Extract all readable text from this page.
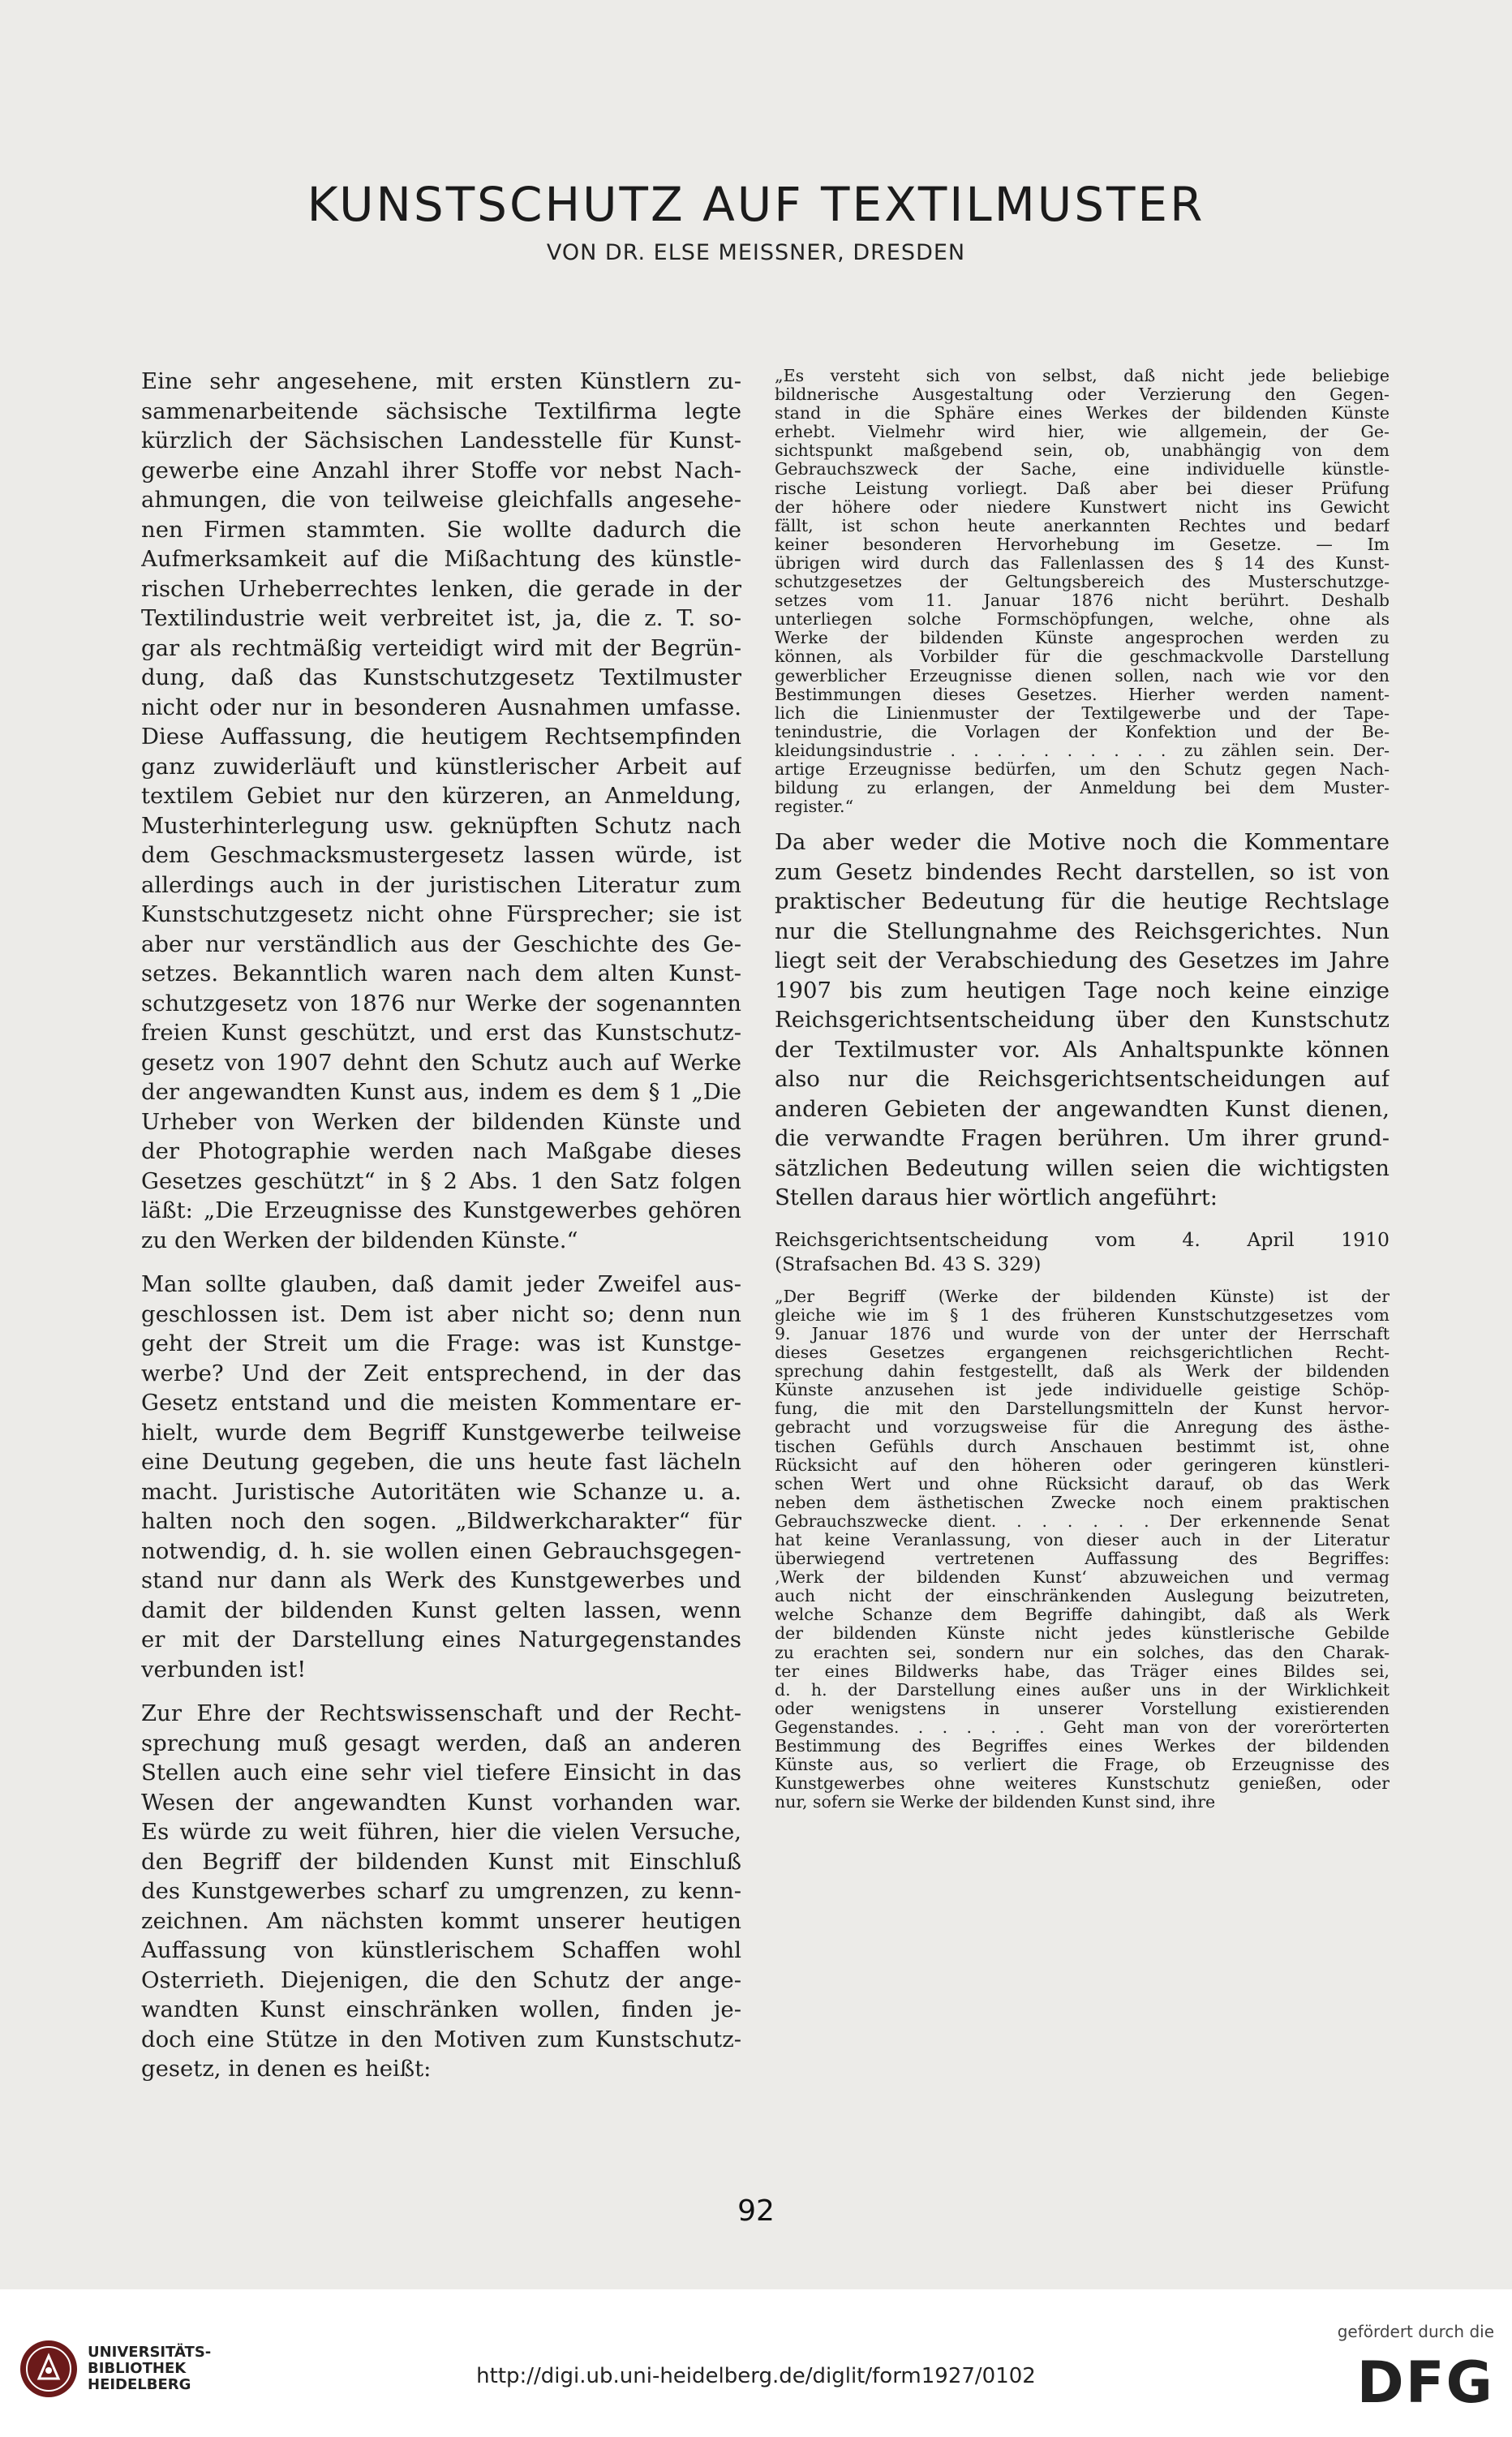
KUNSTSCHUTZ AUF TEXTILMUSTER
VON DR. ELSE MEISSNER, DRESDEN
Eine sehr angesehene, mit ersten Künstlern zu-
sammenarbeitende sächsische Textilfirma legte
kürzlich der Sächsischen Landesstelle für Kunst-
gewerbe eine Anzahl ihrer Stoffe vor nebst Nach-
ahmungen, die von teilweise gleichfalls angesehe-
nen Firmen stammten. Sie wollte dadurch die
Aufmerksamkeit auf die Mißachtung des künstle-
rischen Urheberrechtes lenken, die gerade in der
Textilindustrie weit verbreitet ist, ja, die z. T. so-
gar als rechtmäßig verteidigt wird mit der Begrün-
dung, daß das Kunstschutzgesetz Textilmuster
nicht oder nur in besonderen Ausnahmen umfasse.
Diese Auffassung, die heutigem Rechtsempfinden
ganz zuwiderläuft und künstlerischer Arbeit auf
textilem Gebiet nur den kürzeren, an Anmeldung,
Musterhinterlegung usw. geknüpften Schutz nach
dem Geschmacksmustergesetz lassen würde, ist
allerdings auch in der juristischen Literatur zum
Kunstschutzgesetz nicht ohne Fürsprecher; sie ist
aber nur verständlich aus der Geschichte des Ge-
setzes. Bekanntlich waren nach dem alten Kunst-
schutzgesetz von 1876 nur Werke der sogenannten
freien Kunst geschützt, und erst das Kunstschutz-
gesetz von 1907 dehnt den Schutz auch auf Werke
der angewandten Kunst aus, indem es dem § 1 „Die
Urheber von Werken der bildenden Künste und
der Photographie werden nach Maßgabe dieses
Gesetzes geschützt“ in § 2 Abs. 1 den Satz folgen
läßt: „Die Erzeugnisse des Kunstgewerbes gehören
zu den Werken der bildenden Künste.“
Man sollte glauben, daß damit jeder Zweifel aus-
geschlossen ist. Dem ist aber nicht so; denn nun
geht der Streit um die Frage: was ist Kunstge-
werbe? Und der Zeit entsprechend, in der das
Gesetz entstand und die meisten Kommentare er-
hielt, wurde dem Begriff Kunstgewerbe teilweise
eine Deutung gegeben, die uns heute fast lächeln
macht. Juristische Autoritäten wie Schanze u. a.
halten noch den sogen. „Bildwerkcharakter“ für
notwendig, d. h. sie wollen einen Gebrauchsgegen-
stand nur dann als Werk des Kunstgewerbes und
damit der bildenden Kunst gelten lassen, wenn
er mit der Darstellung eines Naturgegenstandes
verbunden ist!
Zur Ehre der Rechtswissenschaft und der Recht-
sprechung muß gesagt werden, daß an anderen
Stellen auch eine sehr viel tiefere Einsicht in das
Wesen der angewandten Kunst vorhanden war.
Es würde zu weit führen, hier die vielen Versuche,
den Begriff der bildenden Kunst mit Einschluß
des Kunstgewerbes scharf zu umgrenzen, zu kenn-
zeichnen. Am nächsten kommt unserer heutigen
Auffassung von künstlerischem Schaffen wohl
Osterrieth. Diejenigen, die den Schutz der ange-
wandten Kunst einschränken wollen, finden je-
doch eine Stütze in den Motiven zum Kunstschutz-
gesetz, in denen es heißt:
„Es versteht sich von selbst, daß nicht jede beliebige
bildnerische Ausgestaltung oder Verzierung den Gegen-
stand in die Sphäre eines Werkes der bildenden Künste
erhebt. Vielmehr wird hier, wie allgemein, der Ge-
sichtspunkt maßgebend sein, ob, unabhängig von dem
Gebrauchszweck der Sache, eine individuelle künstle-
rische Leistung vorliegt. Daß aber bei dieser Prüfung
der höhere oder niedere Kunstwert nicht ins Gewicht
fällt, ist schon heute anerkannten Rechtes und bedarf
keiner besonderen Hervorhebung im Gesetze. — Im
übrigen wird durch das Fallenlassen des § 14 des Kunst-
schutzgesetzes der Geltungsbereich des Musterschutzge-
setzes vom 11. Januar 1876 nicht berührt. Deshalb
unterliegen solche Formschöpfungen, welche, ohne als
Werke der bildenden Künste angesprochen werden zu
können, als Vorbilder für die geschmackvolle Darstellung
gewerblicher Erzeugnisse dienen sollen, nach wie vor den
Bestimmungen dieses Gesetzes. Hierher werden nament-
lich die Linienmuster der Textilgewerbe und der Tape-
tenindustrie, die Vorlagen der Konfektion und der Be-
kleidungsindustrie . . . . . . . . . . zu zählen sein. Der-
artige Erzeugnisse bedürfen, um den Schutz gegen Nach-
bildung zu erlangen, der Anmeldung bei dem Muster-
register.“
Da aber weder die Motive noch die Kommentare
zum Gesetz bindendes Recht darstellen, so ist von
praktischer Bedeutung für die heutige Rechtslage
nur die Stellungnahme des Reichsgerichtes. Nun
liegt seit der Verabschiedung des Gesetzes im Jahre
1907 bis zum heutigen Tage noch keine einzige
Reichsgerichtsentscheidung über den Kunstschutz
der Textilmuster vor. Als Anhaltspunkte können
also nur die Reichsgerichtsentscheidungen auf
anderen Gebieten der angewandten Kunst dienen,
die verwandte Fragen berühren. Um ihrer grund-
sätzlichen Bedeutung willen seien die wichtigsten
Stellen daraus hier wörtlich angeführt:
Reichsgerichtsentscheidung vom 4. April 1910
(Strafsachen Bd. 43 S. 329)
„Der Begriff (Werke der bildenden Künste) ist der
gleiche wie im § 1 des früheren Kunstschutzgesetzes vom
9. Januar 1876 und wurde von der unter der Herrschaft
dieses Gesetzes ergangenen reichsgerichtlichen Recht-
sprechung dahin festgestellt, daß als Werk der bildenden
Künste anzusehen ist jede individuelle geistige Schöp-
fung, die mit den Darstellungsmitteln der Kunst hervor-
gebracht und vorzugsweise für die Anregung des ästhe-
tischen Gefühls durch Anschauen bestimmt ist, ohne
Rücksicht auf den höheren oder geringeren künstleri-
schen Wert und ohne Rücksicht darauf, ob das Werk
neben dem ästhetischen Zwecke noch einem praktischen
Gebrauchszwecke dient. . . . . . . Der erkennende Senat
hat keine Veranlassung, von dieser auch in der Literatur
überwiegend vertretenen Auffassung des Begriffes:
‚Werk der bildenden Kunst‘ abzuweichen und vermag
auch nicht der einschränkenden Auslegung beizutreten,
welche Schanze dem Begriffe dahingibt, daß als Werk
der bildenden Künste nicht jedes künstlerische Gebilde
zu erachten sei, sondern nur ein solches, das den Charak-
ter eines Bildwerks habe, das Träger eines Bildes sei,
d. h. der Darstellung eines außer uns in der Wirklichkeit
oder wenigstens in unserer Vorstellung existierenden
Gegenstandes. . . . . . . Geht man von der vorerörterten
Bestimmung des Begriffes eines Werkes der bildenden
Künste aus, so verliert die Frage, ob Erzeugnisse des
Kunstgewerbes ohne weiteres Kunstschutz genießen, oder
nur, sofern sie Werke der bildenden Kunst sind, ihre
92
UNIVERSITÄTS-
BIBLIOTHEK
HEIDELBERG	http://digi.ub.uni-heidelberg.de/diglit/form1927/0102
gefördert durch die
DFG
